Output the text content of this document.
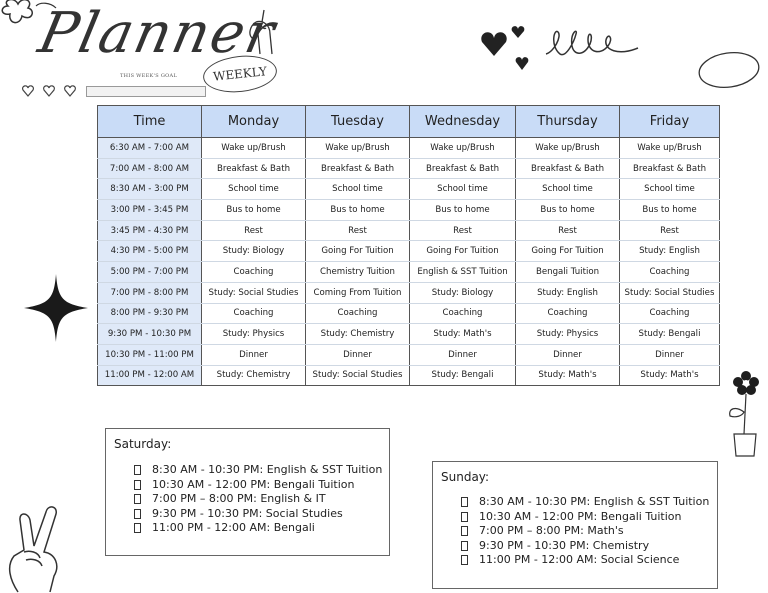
Planner
THIS WEEK'S GOAL	WEEKLY
Time	Monday	Tuesday	Wednesday	Thursday	Friday
6:30 AM - 7:00 AM	Wake up/Brush	Wake up/Brush	Wake up/Brush	Wake up/Brush	Wake up/Brush
7:00 AM - 8:00 AM	Breakfast & Bath	Breakfast & Bath	Breakfast & Bath	Breakfast & Bath	Breakfast & Bath
8:30 AM - 3:00 PM	School time	School time	School time	School time	School time
3:00 PM - 3:45 PM	Bus to home	Bus to home	Bus to home	Bus to home	Bus to home
3:45 PM - 4:30 PM	Rest	Rest	Rest	Rest	Rest
4:30 PM - 5:00 PM	Study: Biology	Going For Tuition	Going For Tuition	Going For Tuition	Study: English
5:00 PM - 7:00 PM	Coaching	Chemistry Tuition	English & SST Tuition	Bengali Tuition	Coaching
7:00 PM - 8:00 PM	Study: Social Studies	Coming From Tuition	Study: Biology	Study: English	Study: Social Studies
8:00 PM - 9:30 PM	Coaching	Coaching	Coaching	Coaching	Coaching
9:30 PM - 10:30 PM	Study: Physics	Study: Chemistry	Study: Math's	Study: Physics	Study: Bengali
10:30 PM - 11:00 PM	Dinner	Dinner	Dinner	Dinner	Dinner
11:00 PM - 12:00 AM	Study: Chemistry	Study: Social Studies	Study: Bengali	Study: Math's	Study: Math's
Saturday:
8:30 AM - 10:30 PM: English & SST Tuition
10:30 AM - 12:00 PM: Bengali Tuition
7:00 PM – 8:00 PM: English & IT
9:30 PM - 10:30 PM: Social Studies
11:00 PM - 12:00 AM: Bengali
Sunday:
8:30 AM - 10:30 PM: English & SST Tuition
10:30 AM - 12:00 PM: Bengali Tuition
7:00 PM – 8:00 PM: Math's
9:30 PM - 10:30 PM: Chemistry
11:00 PM - 12:00 AM: Social Science
